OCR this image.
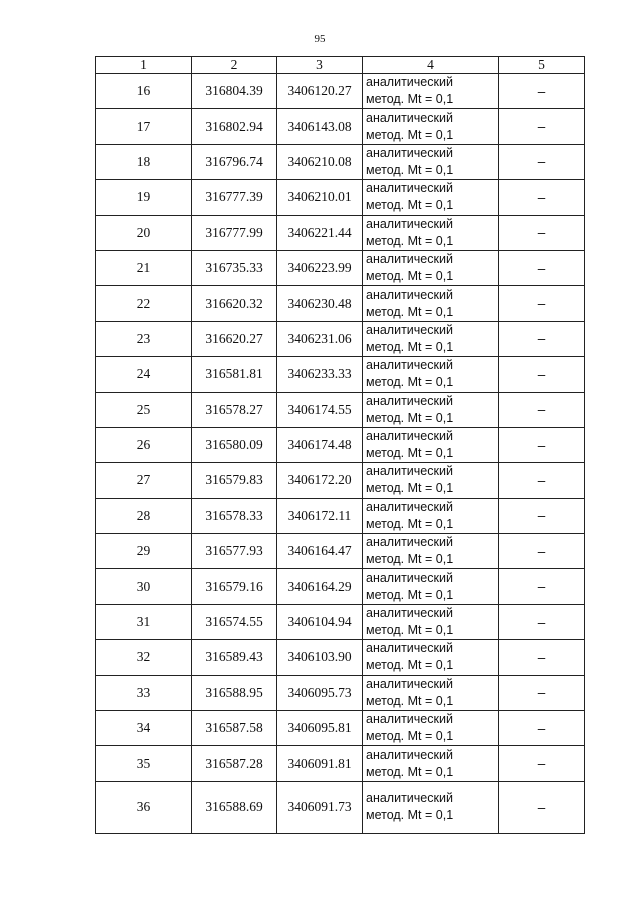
95
1	2	3	4	5
16	316804.39	3406120.27	аналитический
метод. Mt = 0,1	–
17	316802.94	3406143.08	аналитический
метод. Mt = 0,1	–
18	316796.74	3406210.08	аналитический
метод. Mt = 0,1	–
19	316777.39	3406210.01	аналитический
метод. Mt = 0,1	–
20	316777.99	3406221.44	аналитический
метод. Mt = 0,1	–
21	316735.33	3406223.99	аналитический
метод. Mt = 0,1	–
22	316620.32	3406230.48	аналитический
метод. Mt = 0,1	–
23	316620.27	3406231.06	аналитический
метод. Mt = 0,1	–
24	316581.81	3406233.33	аналитический
метод. Mt = 0,1	–
25	316578.27	3406174.55	аналитический
метод. Mt = 0,1	–
26	316580.09	3406174.48	аналитический
метод. Mt = 0,1	–
27	316579.83	3406172.20	аналитический
метод. Mt = 0,1	–
28	316578.33	3406172.11	аналитический
метод. Mt = 0,1	–
29	316577.93	3406164.47	аналитический
метод. Mt = 0,1	–
30	316579.16	3406164.29	аналитический
метод. Mt = 0,1	–
31	316574.55	3406104.94	аналитический
метод. Mt = 0,1	–
32	316589.43	3406103.90	аналитический
метод. Mt = 0,1	–
33	316588.95	3406095.73	аналитический
метод. Mt = 0,1	–
34	316587.58	3406095.81	аналитический
метод. Mt = 0,1	–
35	316587.28	3406091.81	аналитический
метод. Mt = 0,1	–
36	316588.69	3406091.73	аналитический
метод. Mt = 0,1	–
